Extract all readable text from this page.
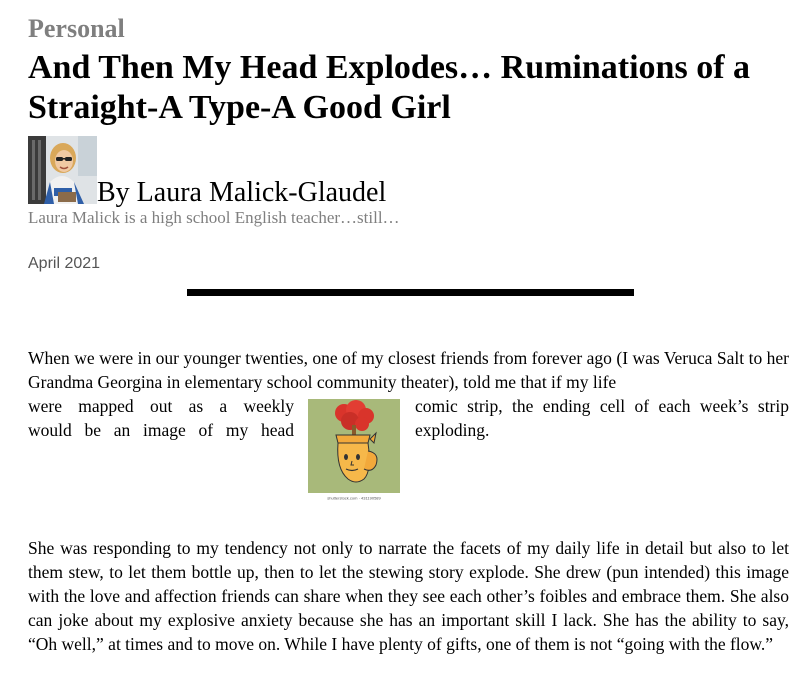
Personal
And Then My Head Explodes… Ruminations of a Straight-A Type-A Good Girl
By Laura Malick-Glaudel

Laura Malick is a high school English teacher…still…

April 2021

When we were in our younger twenties, one of my closest friends from forever ago (I was Veruca Salt to her Grandma Georgina in elementary school community theater), told me that if my life

were mapped out as a weekly
would be an image of my head
shutterstock.com · 431190589
comic strip, the ending cell of each week’s strip
exploding.

She was responding to my tendency not only to narrate the facets of my daily life in detail but also to let them stew, to let them bottle up, then to let the stewing story explode. She drew (pun intended) this image with the love and affection friends can share when they see each other’s foibles and embrace them. She also can joke about my explosive anxiety because she has an important skill I lack. She has the ability to say, “Oh well,” at times and to move on. While I have plenty of gifts, one of them is not “going with the flow.”
